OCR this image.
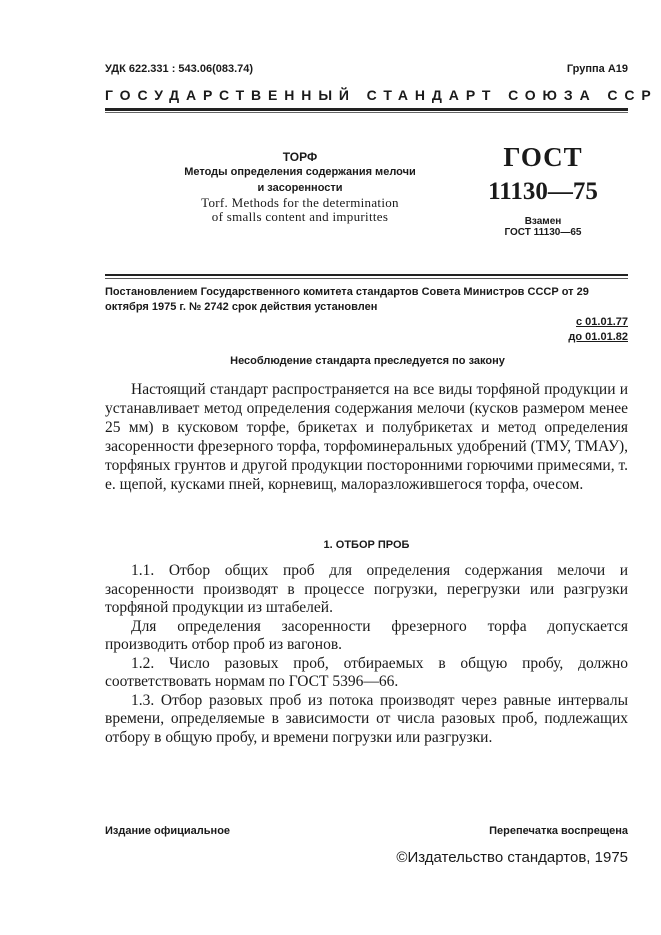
УДК 622.331 : 543.06(083.74)	Группа А19
ГОСУДАРСТВЕННЫЙ СТАНДАРТ СОЮЗА ССР
ТОРФ
Методы определения содержания мелочи
и засоренности
Torf. Methods for the determination
of smalls content and impurittes
ГОСТ
11130—75
Взамен
ГОСТ 11130—65
Постановлением Государственного комитета стандартов Совета Министров СССР от 29 октября 1975 г. № 2742 срок действия установлен
с 01.01.77
до 01.01.82
Несоблюдение стандарта преследуется по закону
Настоящий стандарт распространяется на все виды торфяной продукции и устанавливает метод определения содержания мелочи (кусков размером менее 25 мм) в кусковом торфе, брикетах и полубрикетах и метод определения засоренности фрезерного торфа, торфоминеральных удобрений (ТМУ, ТМАУ), торфяных грунтов и другой продукции посторонними горючими примесями, т. е. щепой, кусками пней, корневищ, малоразложившегося торфа, очесом.
1. ОТБОР ПРОБ

1.1. Отбор общих проб для определения содержания мелочи и засоренности производят в процессе погрузки, перегрузки или разгрузки торфяной продукции из штабелей.

Для определения засоренности фрезерного торфа допускается производить отбор проб из вагонов.

1.2. Число разовых проб, отбираемых в общую пробу, должно соответствовать нормам по ГОСТ 5396—66.

1.3. Отбор разовых проб из потока производят через равные интервалы времени, определяемые в зависимости от числа разовых проб, подлежащих отбору в общую пробу, и времени погрузки или разгрузки.

Издание официальное	Перепечатка воспрещена
©Издательство стандартов, 1975
